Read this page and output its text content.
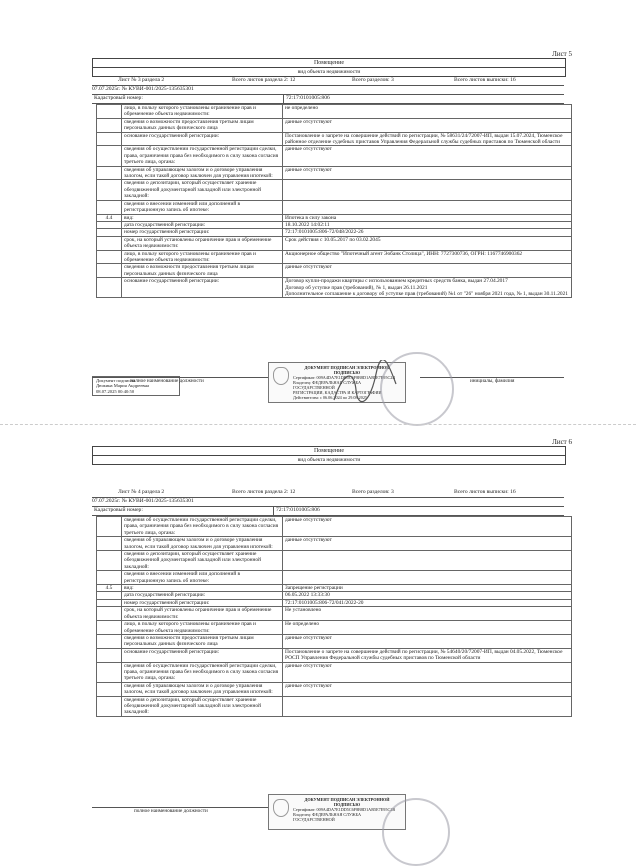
Лист 5
Помещение
вид объекта недвижимости
Лист № 3 раздела 2	Всего листов раздела 2: 12	Всего разделов: 3	Всего листов выписки: 16
07.07.2025г. № КУВИ-001/2025-135635301
Кадастровый номер:	72:17:0101005:806
	лицо, в пользу которого установлены ограничение прав и обременение объекта недвижимости:	не определено
	сведения о возможности предоставления третьим лицам персональных данных физического лица	данные отсутствуют
	основание государственной регистрации:	Постановление о запрете на совершение действий по регистрации, № 58631/24/72007-ИП, выдан 15.07.2024, Тюменское районное отделение судебных приставов Управления Федеральной службы судебных приставов по Тюменской области
	сведения об осуществлении государственной регистрации сделки, права, ограничения права без необходимого в силу закона согласия третьего лица, органа:	данные отсутствуют
	сведения об управляющем залогом и о договоре управления залогом, если такой договор заключен для управления ипотекой:	данные отсутствуют
	сведения о депозитарии, который осуществляет хранение обездвиженной документарной закладной или электронной закладной:	
	сведения о внесении изменений или дополнений в регистрационную запись об ипотеке:	
4.4	вид:	Ипотека в силу закона
	дата государственной регистрации:	18.10.2022 14:02:11
	номер государственной регистрации:	72:17:0101005:806-72/048/2022-26
	срок, на который установлены ограничение прав и обременение объекта недвижимости:	Срок действия с 10.05.2017 по 03.02.2045
	лицо, в пользу которого установлены ограничение прав и обременение объекта недвижимости:	Акционерное общество "Ипотечный агент Эобанк Столица", ИНН: 7727300736, ОГРН: 1167746900362
	сведения о возможности предоставления третьим лицам персональных данных физического лица	данные отсутствуют
	основание государственной регистрации:	Договор купли-продажи квартиры с использованием кредитных средств банка, выдан 27.04.2017
Договор об уступке прав (требований), № 1, выдан 26.11.2021
Дополнительное соглашение к договору об уступке прав (требований) №1 от "26" ноября 2021 года, № 1, выдан 30.11.2021
Документ подписан
Дюжина Мария Андреевна
08.07.2025 00:40:50
полное наименование должности	инициалы, фамилия
ДОКУМЕНТ ПОДПИСАН ЭЛЕКТРОННОЙ ПОДПИСЬЮ
Сертификат: 009A4DA7E1DD5C6F8B8D1AB5E7E95C2B
Владелец: ФЕДЕРАЛЬНАЯ СЛУЖБА ГОСУДАРСТВЕННОЙ
РЕГИСТРАЦИИ, КАДАСТРА И КАРТОГРАФИИ
Действителен: с 06.06.2024 по 29.08.2025
Лист 6
Помещение
вид объекта недвижимости
Лист № 4 раздела 2	Всего листов раздела 2: 12	Всего разделов: 3	Всего листов выписки: 16
07.07.2025г. № КУВИ-001/2025-135635301
Кадастровый номер:	72:17:0101005:806
	сведения об осуществлении государственной регистрации сделки, права, ограничения права без необходимого в силу закона согласия третьего лица, органа:	данные отсутствуют
	сведения об управляющем залогом и о договоре управления залогом, если такой договор заключен для управления ипотекой:	данные отсутствуют
	сведения о депозитарии, который осуществляет хранение обездвиженной документарной закладной или электронной закладной:	
	сведения о внесении изменений или дополнений в регистрационную запись об ипотеке:	
4.5	вид:	Запрещение регистрации
	дата государственной регистрации:	06.05.2022 13:33:30
	номер государственной регистрации:	72:17:0101005:806-72/041/2022-20
	срок, на который установлены ограничение прав и обременение объекта недвижимости:	Не установлено
	лицо, в пользу которого установлены ограничение прав и обременение объекта недвижимости:	Не определено
	сведения о возможности предоставления третьим лицам персональных данных физического лица	данные отсутствуют
	основание государственной регистрации:	Постановление о запрете на совершение действий по регистрации, № 54640/20/72007-ИП, выдан 04.05.2022, Тюменское РОСП Управления Федеральной службы судебных приставов по Тюменской области
	сведения об осуществлении государственной регистрации сделки, права, ограничения права без необходимого в силу закона согласия третьего лица, органа:	данные отсутствуют
	сведения об управляющем залогом и о договоре управления залогом, если такой договор заключен для управления ипотекой:	данные отсутствуют
	сведения о депозитарии, который осуществляет хранение обездвиженной документарной закладной или электронной закладной:	
полное наименование должности
ДОКУМЕНТ ПОДПИСАН ЭЛЕКТРОННОЙ ПОДПИСЬЮ
Сертификат: 009A4DA7E1DD5C6F8B8D1AB5E7E95C2B
Владелец: ФЕДЕРАЛЬНАЯ СЛУЖБА ГОСУДАРСТВЕННОЙ
